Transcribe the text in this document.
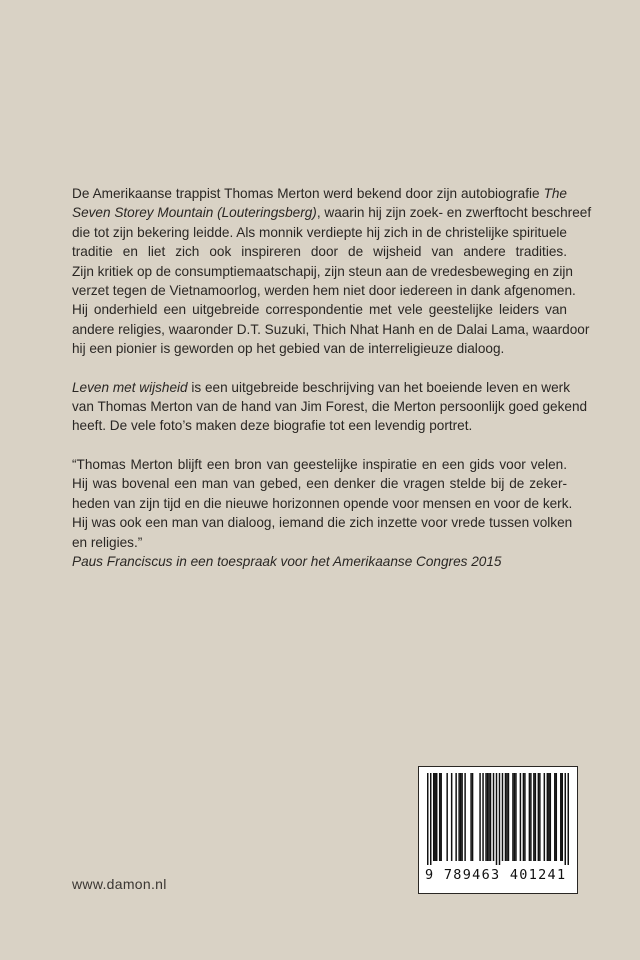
De Amerikaanse trappist Thomas Merton werd bekend door zijn autobiografie The
Seven Storey Mountain (Louteringsberg), waarin hij zijn zoek- en zwerftocht beschreef
die tot zijn bekering leidde. Als monnik verdiepte hij zich in de christelijke spirituele
traditie en liet zich ook inspireren door de wijsheid van andere tradities.
Zijn kritiek op de consumptiemaatschapij, zijn steun aan de vredesbeweging en zijn
verzet tegen de Vietnamoorlog, werden hem niet door iedereen in dank afgenomen.
Hij onderhield een uitgebreide correspondentie met vele geestelijke leiders van
andere religies, waaronder D.T. Suzuki, Thich Nhat Hanh en de Dalai Lama, waardoor
hij een pionier is geworden op het gebied van de interreligieuze dialoog.

Leven met wijsheid is een uitgebreide beschrijving van het boeiende leven en werk
van Thomas Merton van de hand van Jim Forest, die Merton persoonlijk goed gekend
heeft. De vele foto’s maken deze biografie tot een levendig portret.

“Thomas Merton blijft een bron van geestelijke inspiratie en een gids voor velen.
Hij was bovenal een man van gebed, een denker die vragen stelde bij de zeker-
heden van zijn tijd en die nieuwe horizonnen opende voor mensen en voor de kerk.
Hij was ook een man van dialoog, iemand die zich inzette voor vrede tussen volken
en religies.”

Paus Franciscus in een toespraak voor het Amerikaanse Congres 2015

www.damon.nl
9 789463 401241
